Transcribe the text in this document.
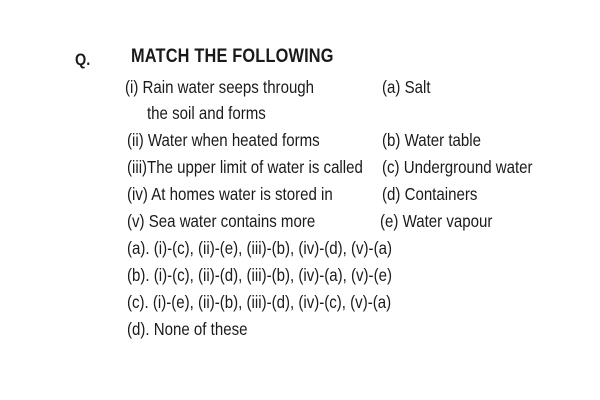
Q. MATCH THE FOLLOWING
(i) Rain water seeps through
the soil and forms
(ii) Water when heated forms
(iii)The upper limit of water is called
(iv) At homes water is stored in
(v) Sea water contains more
(a) Salt
(b) Water table
(c) Underground water
(d) Containers
(e) Water vapour
(a). (i)-(c), (ii)-(e), (iii)-(b), (iv)-(d), (v)-(a)
(b). (i)-(c), (ii)-(d), (iii)-(b), (iv)-(a), (v)-(e)
(c). (i)-(e), (ii)-(b), (iii)-(d), (iv)-(c), (v)-(a)
(d). None of these
